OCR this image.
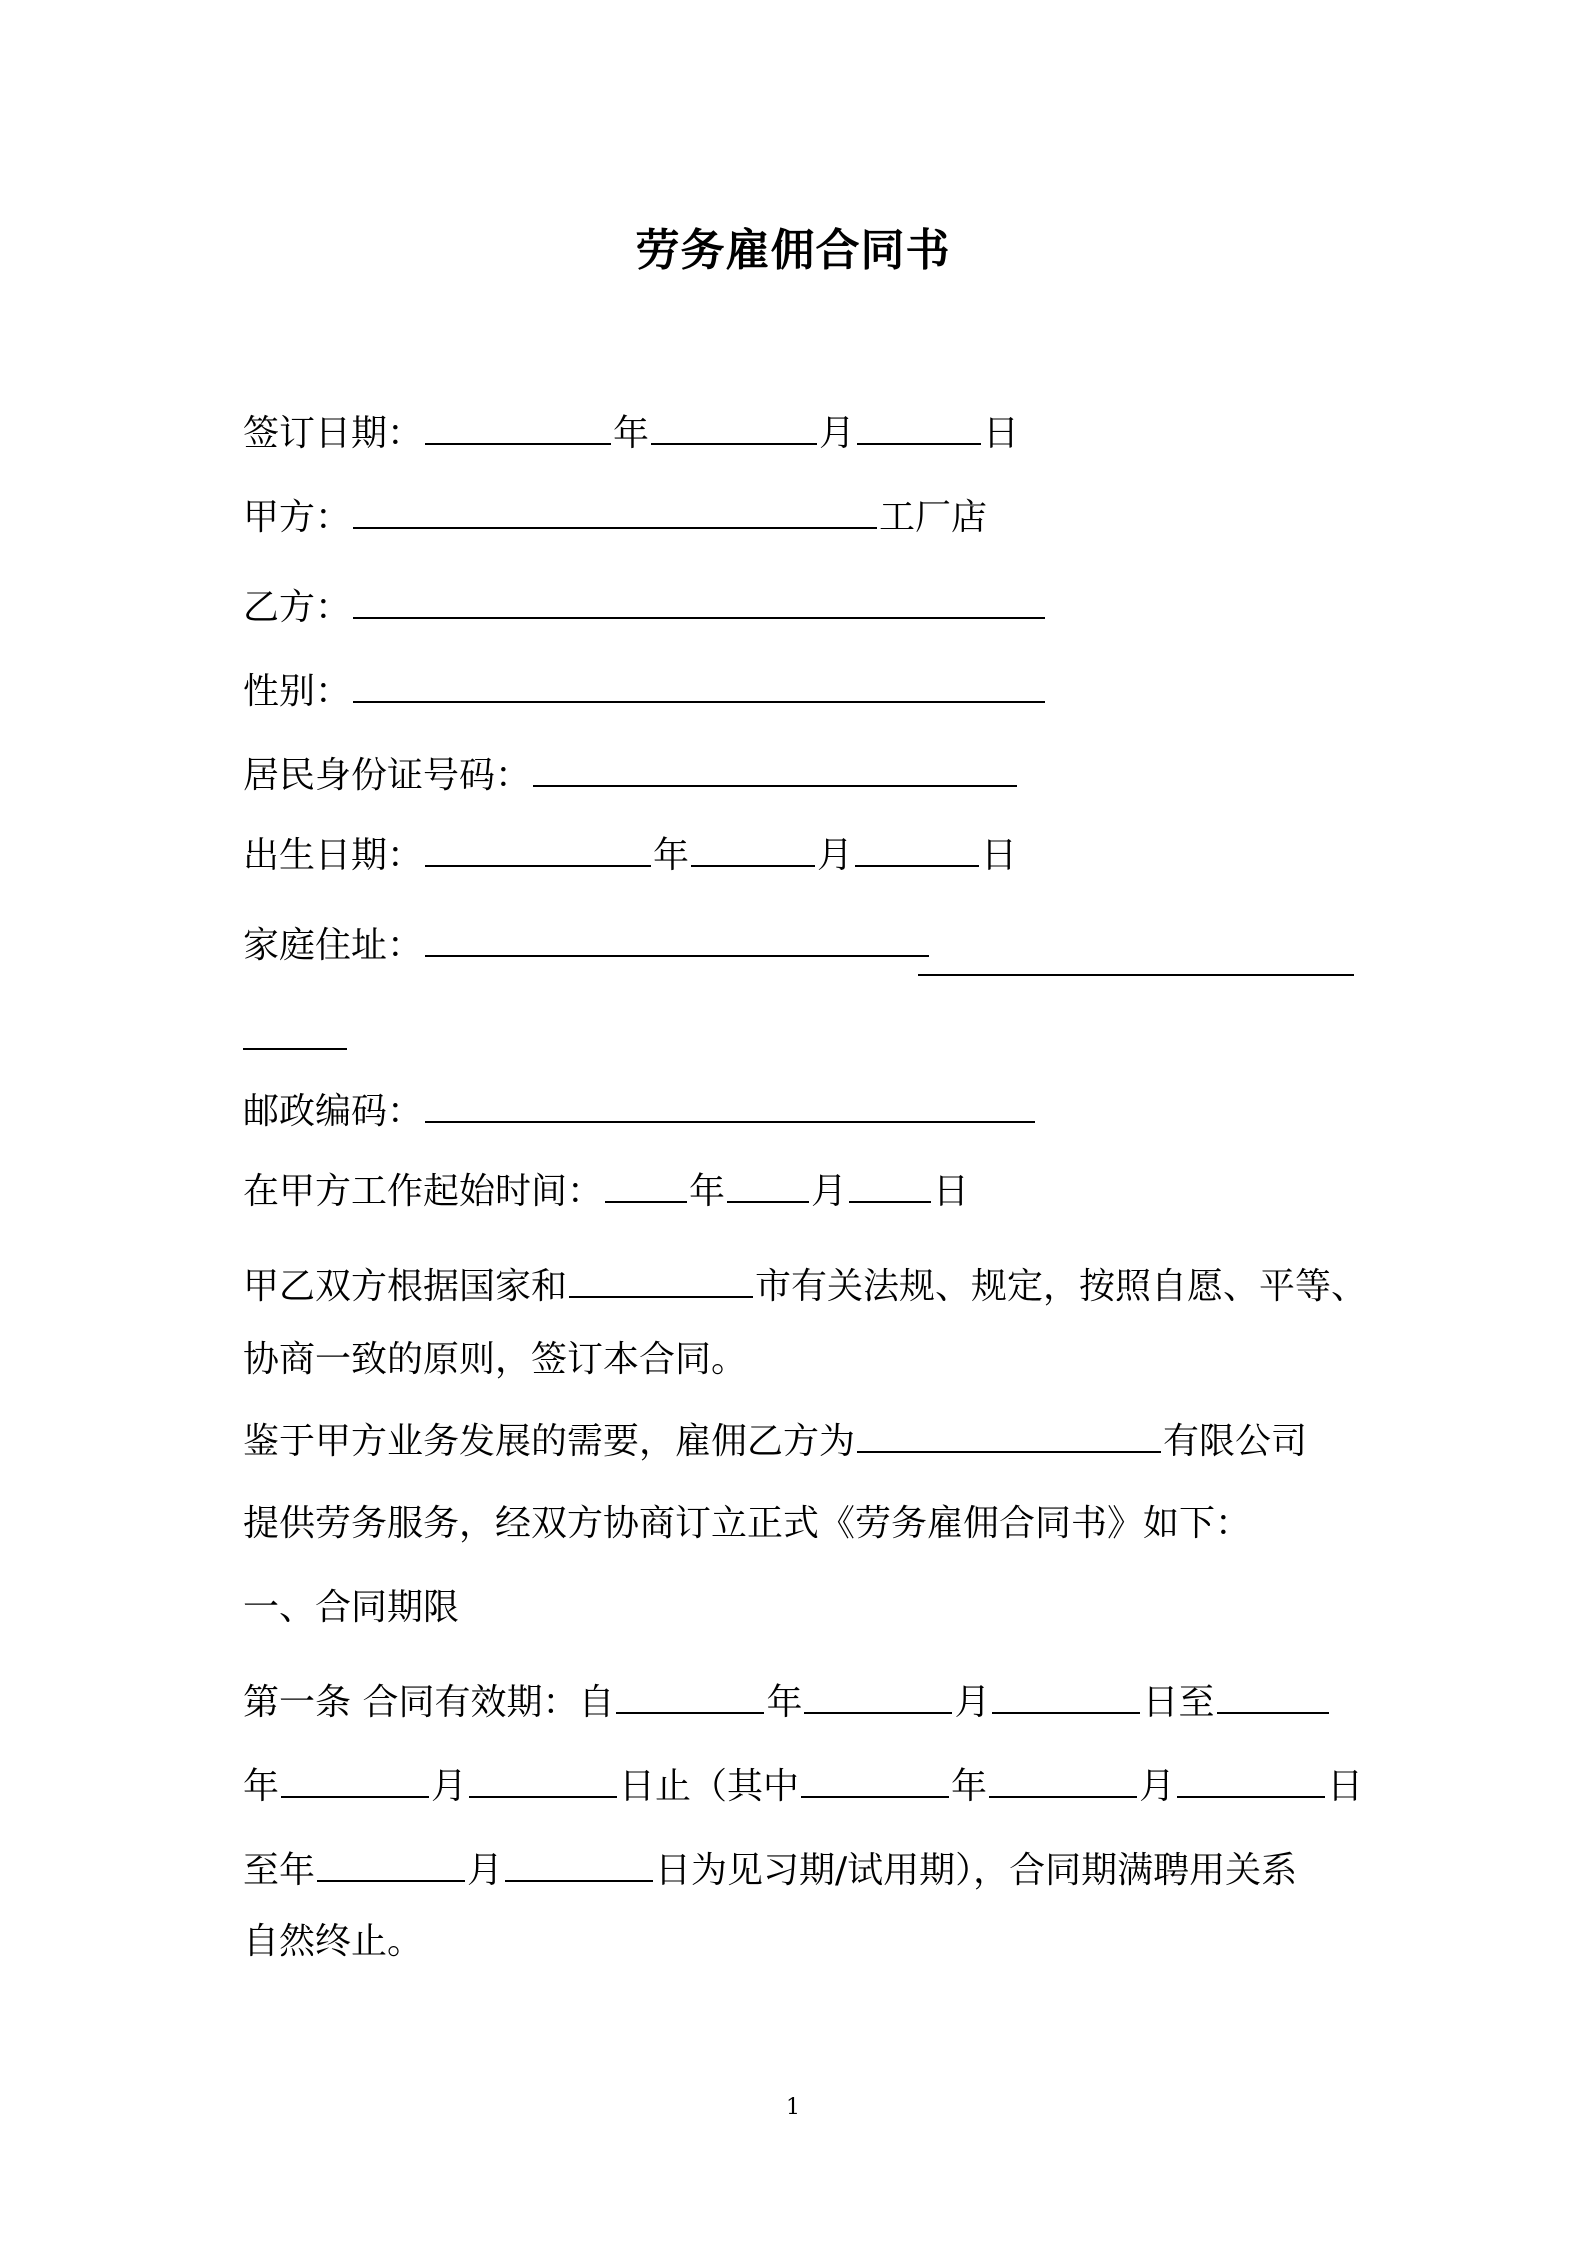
劳务雇佣合同书
签订日期：	年	月	日
甲方：	工厂店
乙方：
性别：
居民身份证号码：
出生日期：	年	月	日
家庭住址：
邮政编码：
在甲方工作起始时间： 年 月 日
甲乙双方根据国家和	市有关法规、规定，按照自愿、平等、
协商一致的原则，签订本合同。
鉴于甲方业务发展的需要，雇佣乙方为	有限公司
提供劳务服务，经双方协商订立正式《劳务雇佣合同书》如下：
一、合同期限
第一条 合同有效期：自	年	月	日至
年	月	日止（其中	年	月	日
至年	月	日为见习期/试用期），合同期满聘用关系
自然终止。
1
